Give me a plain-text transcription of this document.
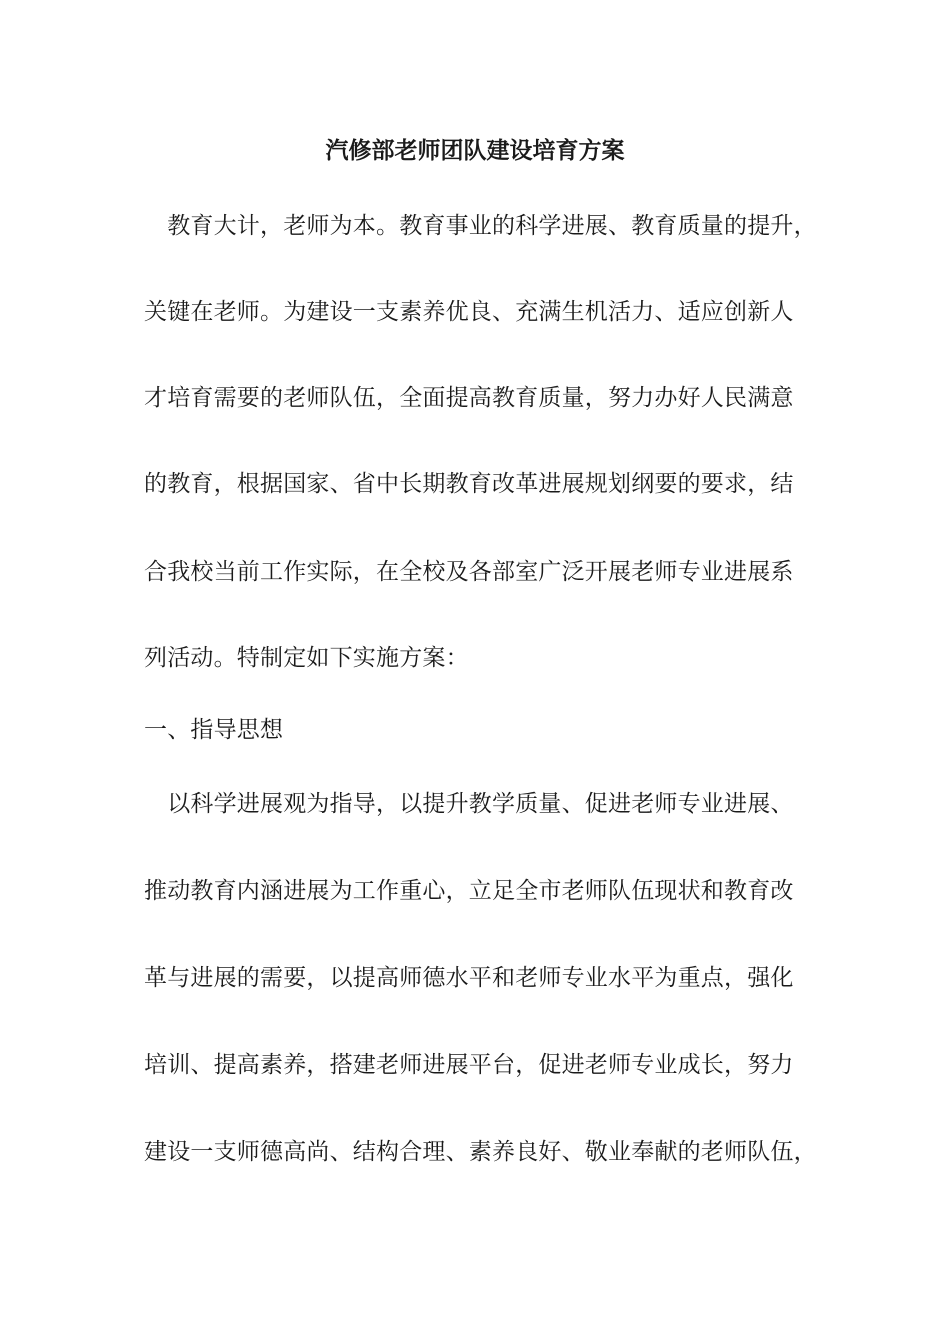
汽修部老师团队建设培育方案
　教育大计，老师为本。教育事业的科学进展、教育质量的提升，
关键在老师。为建设一支素养优良、充满生机活力、适应创新人
才培育需要的老师队伍，全面提高教育质量，努力办好人民满意
的教育，根据国家、省中长期教育改革进展规划纲要的要求，结
合我校当前工作实际，在全校及各部室广泛开展老师专业进展系
列活动。特制定如下实施方案：
一、指导思想
　以科学进展观为指导，以提升教学质量、促进老师专业进展、
推动教育内涵进展为工作重心，立足全市老师队伍现状和教育改
革与进展的需要，以提高师德水平和老师专业水平为重点，强化
培训、提高素养，搭建老师进展平台，促进老师专业成长，努力
建设一支师德高尚、结构合理、素养良好、敬业奉献的老师队伍，
